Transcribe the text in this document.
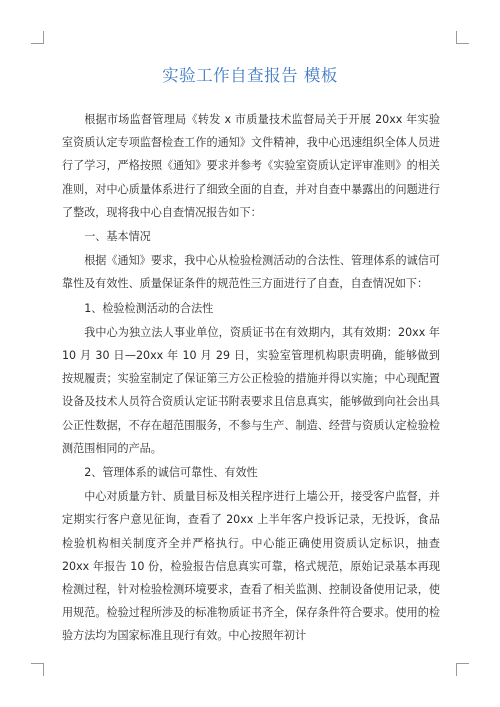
实验工作自查报告 模板

根据市场监督管理局《转发 x 市质量技术监督局关于开展 20xx 年实验室资质认定专项监督检查工作的通知》文件精神，我中心迅速组织全体人员进行了学习，严格按照《通知》要求并参考《实验室资质认定评审准则》的相关准则，对中心质量体系进行了细致全面的自查，并对自查中暴露出的问题进行了整改，现将我中心自查情况报告如下：

一、基本情况

根据《通知》要求，我中心从检验检测活动的合法性、管理体系的诚信可靠性及有效性、质量保证条件的规范性三方面进行了自查，自查情况如下：

1、检验检测活动的合法性

我中心为独立法人事业单位，资质证书在有效期内，其有效期：20xx 年 10 月 30 日—20xx 年 10 月 29 日，实验室管理机构职责明确，能够做到按规履责；实验室制定了保证第三方公正检验的措施并得以实施；中心现配置设备及技术人员符合资质认定证书附表要求且信息真实，能够做到向社会出具公正性数据，不存在超范围服务，不参与生产、制造、经营与资质认定检验检测范围相同的产品。

2、管理体系的诚信可靠性、有效性

中心对质量方针、质量目标及相关程序进行上墙公开，接受客户监督，并定期实行客户意见征询，查看了 20xx 上半年客户投诉记录，无投诉，食品检验机构相关制度齐全并严格执行。中心能正确使用资质认定标识，抽查 20xx 年报告 10 份，检验报告信息真实可靠，格式规范，原始记录基本再现检测过程，针对检验检测环境要求，查看了相关监测、控制设备使用记录，使用规范。检验过程所涉及的标准物质证书齐全，保存条件符合要求。使用的检验方法均为国家标准且现行有效。中心按照年初计
